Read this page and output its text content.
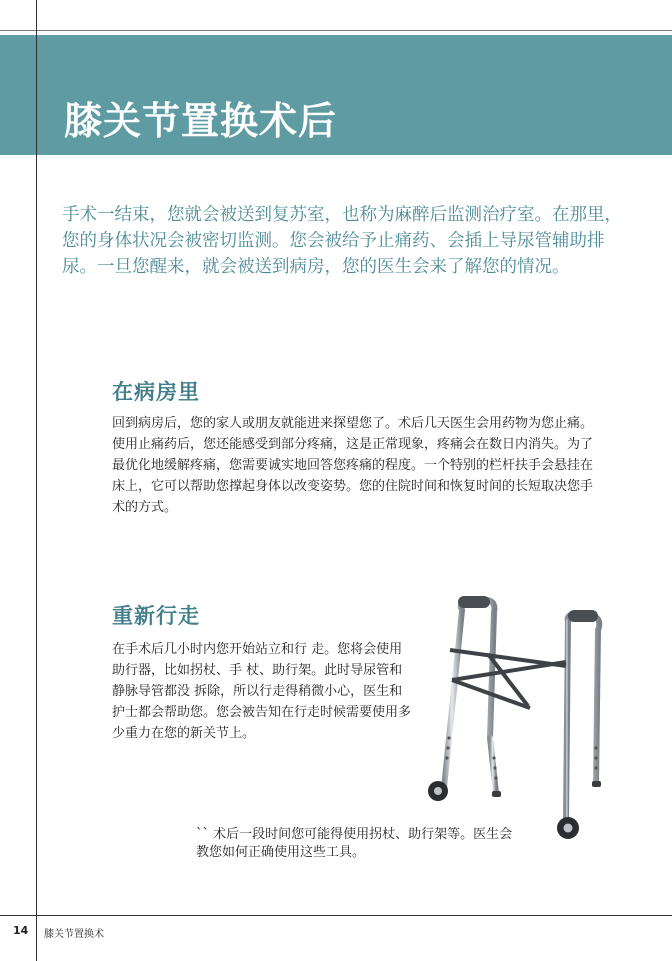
膝关节置换术后

手术一结束，您就会被送到复苏室，也称为麻醉后监测治疗室。在那里，您的身体状况会被密切监测。您会被给予止痛药、会插上导尿管辅助排尿。一旦您醒来，就会被送到病房，您的医生会来了解您的情况。

在病房里

回到病房后，您的家人或朋友就能进来探望您了。术后几天医生会用药物为您止痛。使用止痛药后，您还能感受到部分疼痛，这是正常现象，疼痛会在数日内消失。为了最优化地缓解疼痛，您需要诚实地回答您疼痛的程度。一个特别的栏杆扶手会悬挂在床上，它可以帮助您撑起身体以改变姿势。您的住院时间和恢复时间的长短取决您手术的方式。

重新行走

在手术后几小时内您开始站立和行 走。您将会使用助行器，比如拐杖、手 杖、助行架。此时导尿管和静脉导管都没 拆除，所以行走得稍微小心，医生和护士都会帮助您。您会被告知在行走时候需要使用多少重力在您的新关节上。

`` 术后一段时间您可能得使用拐杖、助行架等。医生会教您如何正确使用这些工具。

14 膝关节置换术
